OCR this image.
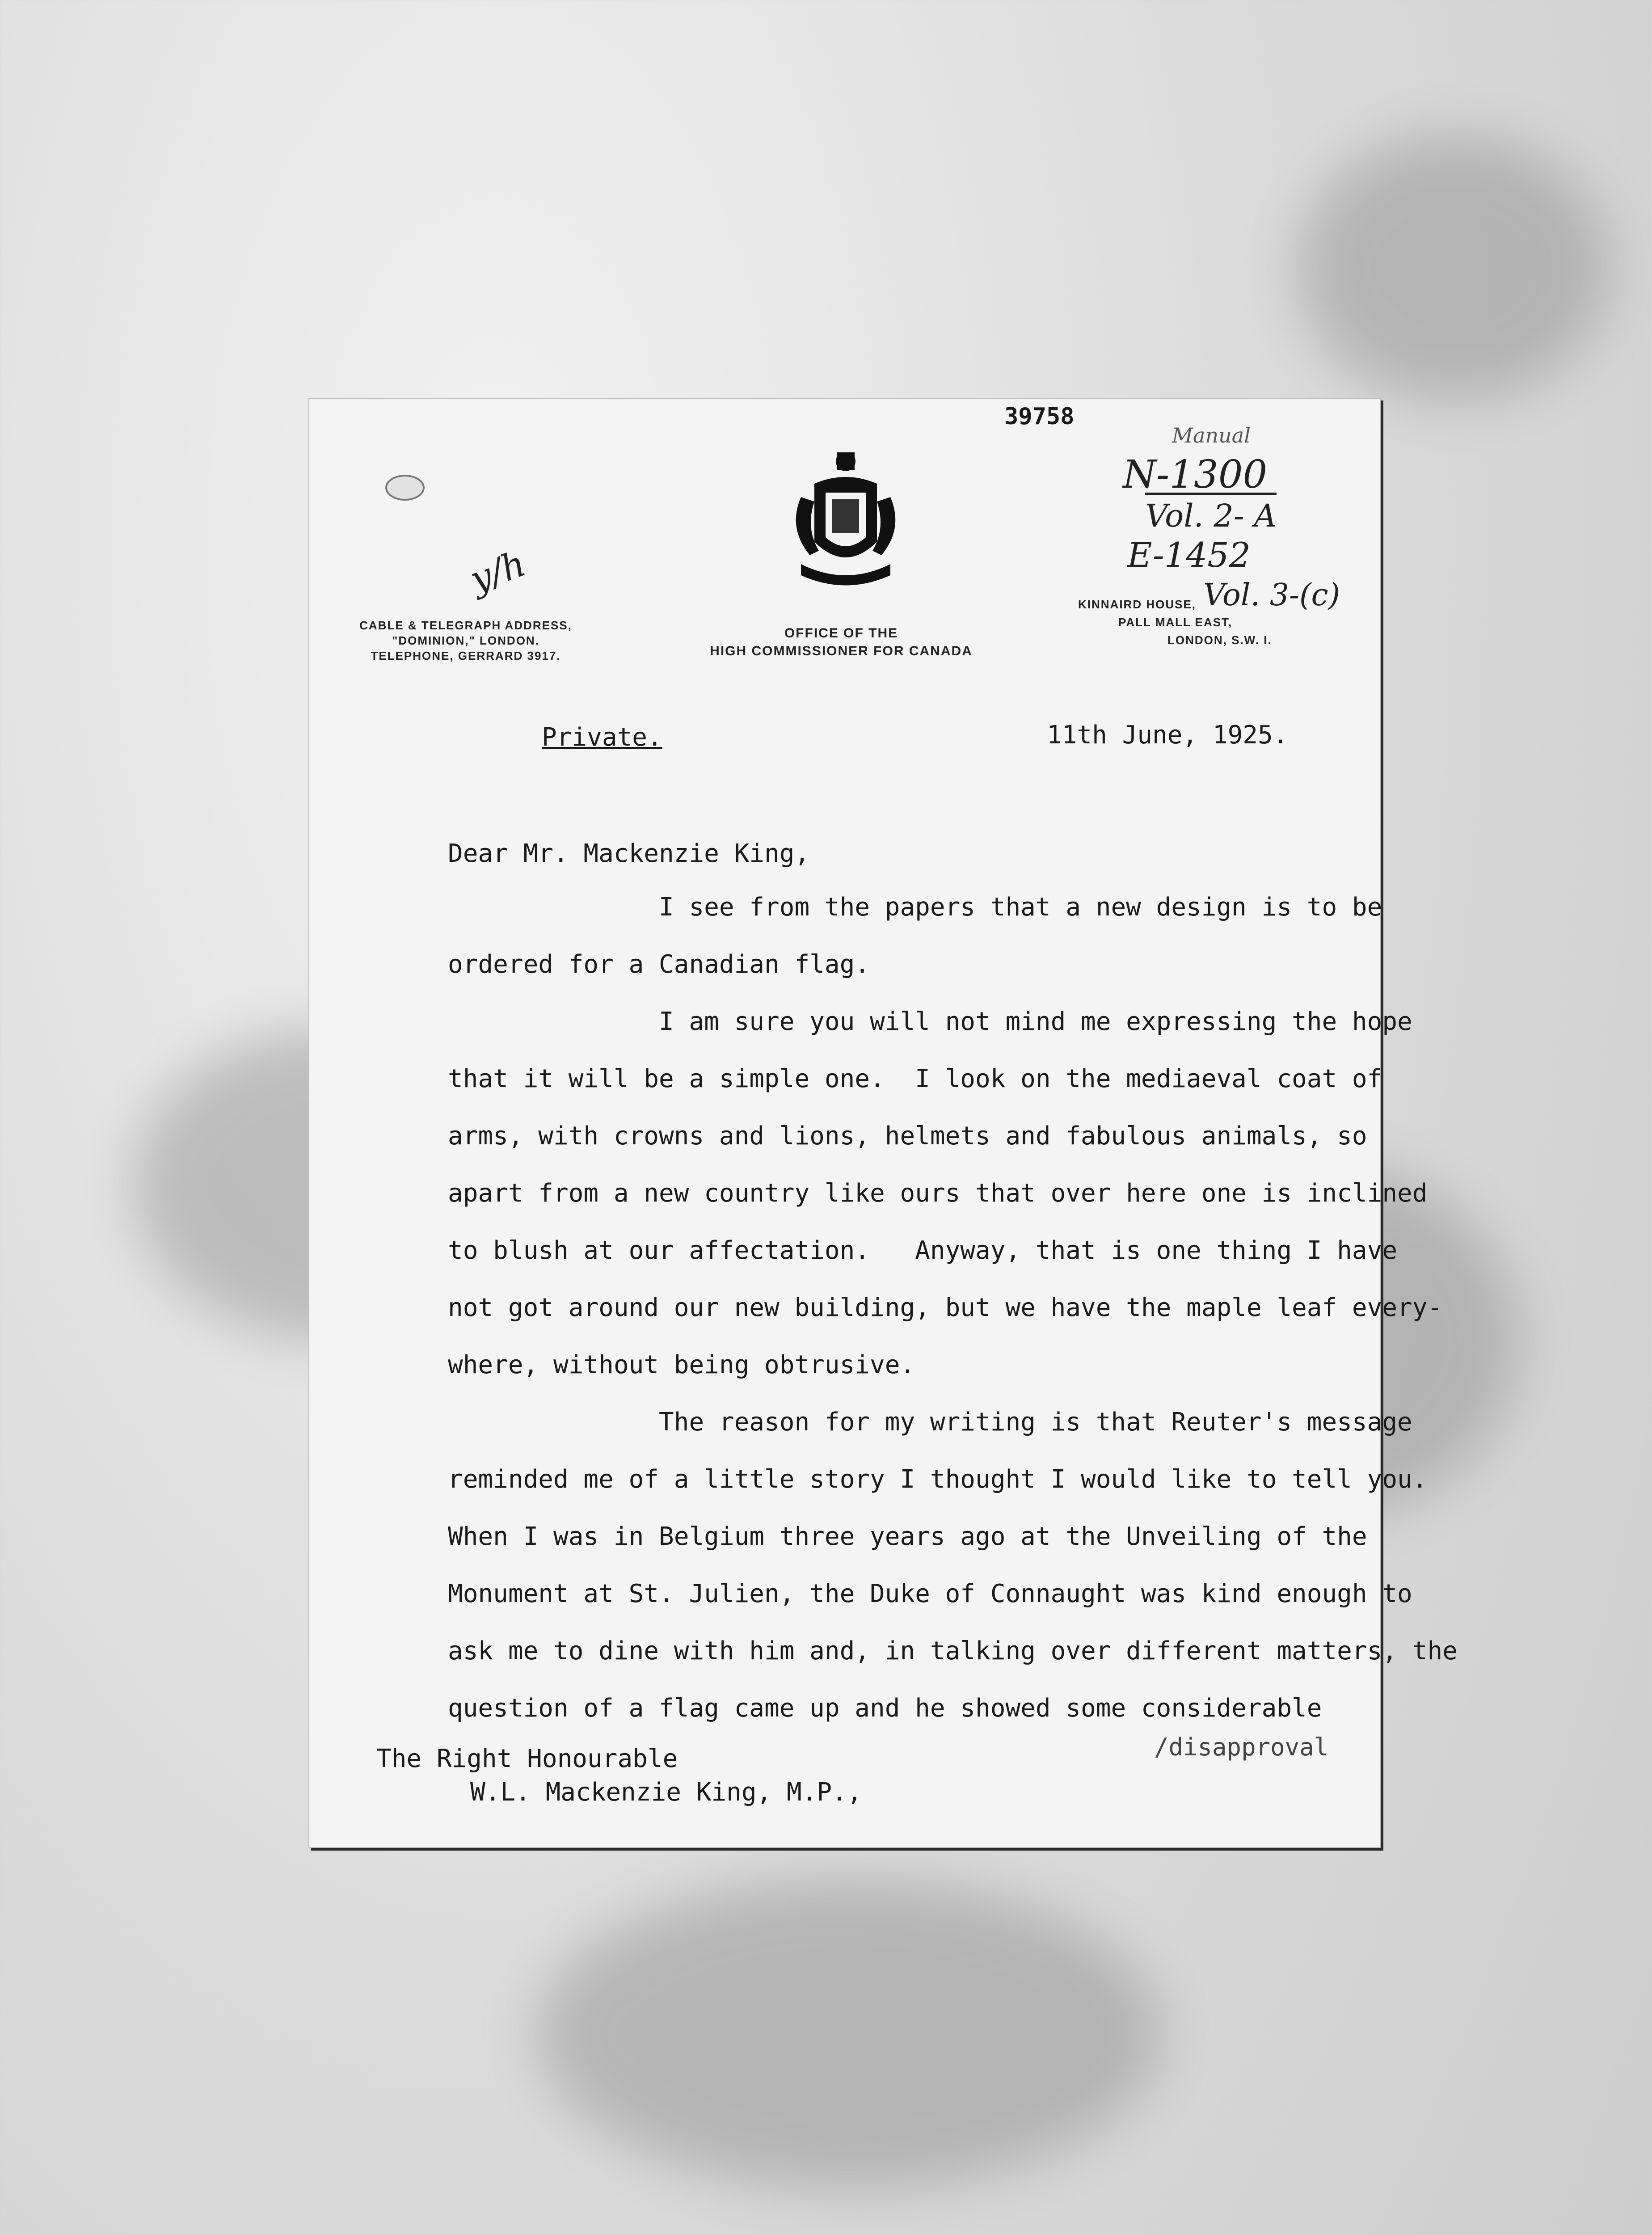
39758
Manual
N-1300
Vol. 2- A
E-1452
Vol. 3-(c)
y/h
CABLE & TELEGRAPH ADDRESS,
"DOMINION," LONDON.
TELEPHONE, GERRARD 3917.
OFFICE OF THE
HIGH COMMISSIONER FOR CANADA
KINNAIRD HOUSE,
PALL MALL EAST,
LONDON, S.W. I.
Private.	11th June, 1925.
Dear Mr. Mackenzie King,
I see from the papers that a new design is to be
ordered for a Canadian flag.
I am sure you will not mind me expressing the hope
that it will be a simple one.  I look on the mediaeval coat of
arms, with crowns and lions, helmets and fabulous animals, so
apart from a new country like ours that over here one is inclined
to blush at our affectation.   Anyway, that is one thing I have
not got around our new building, but we have the maple leaf every-
where, without being obtrusive.
The reason for my writing is that Reuter's message
reminded me of a little story I thought I would like to tell you.
When I was in Belgium three years ago at the Unveiling of the
Monument at St. Julien, the Duke of Connaught was kind enough to
ask me to dine with him and, in talking over different matters, the
question of a flag came up and he showed some considerable
/disapproval
The Right Honourable
W.L. Mackenzie King, M.P.,
